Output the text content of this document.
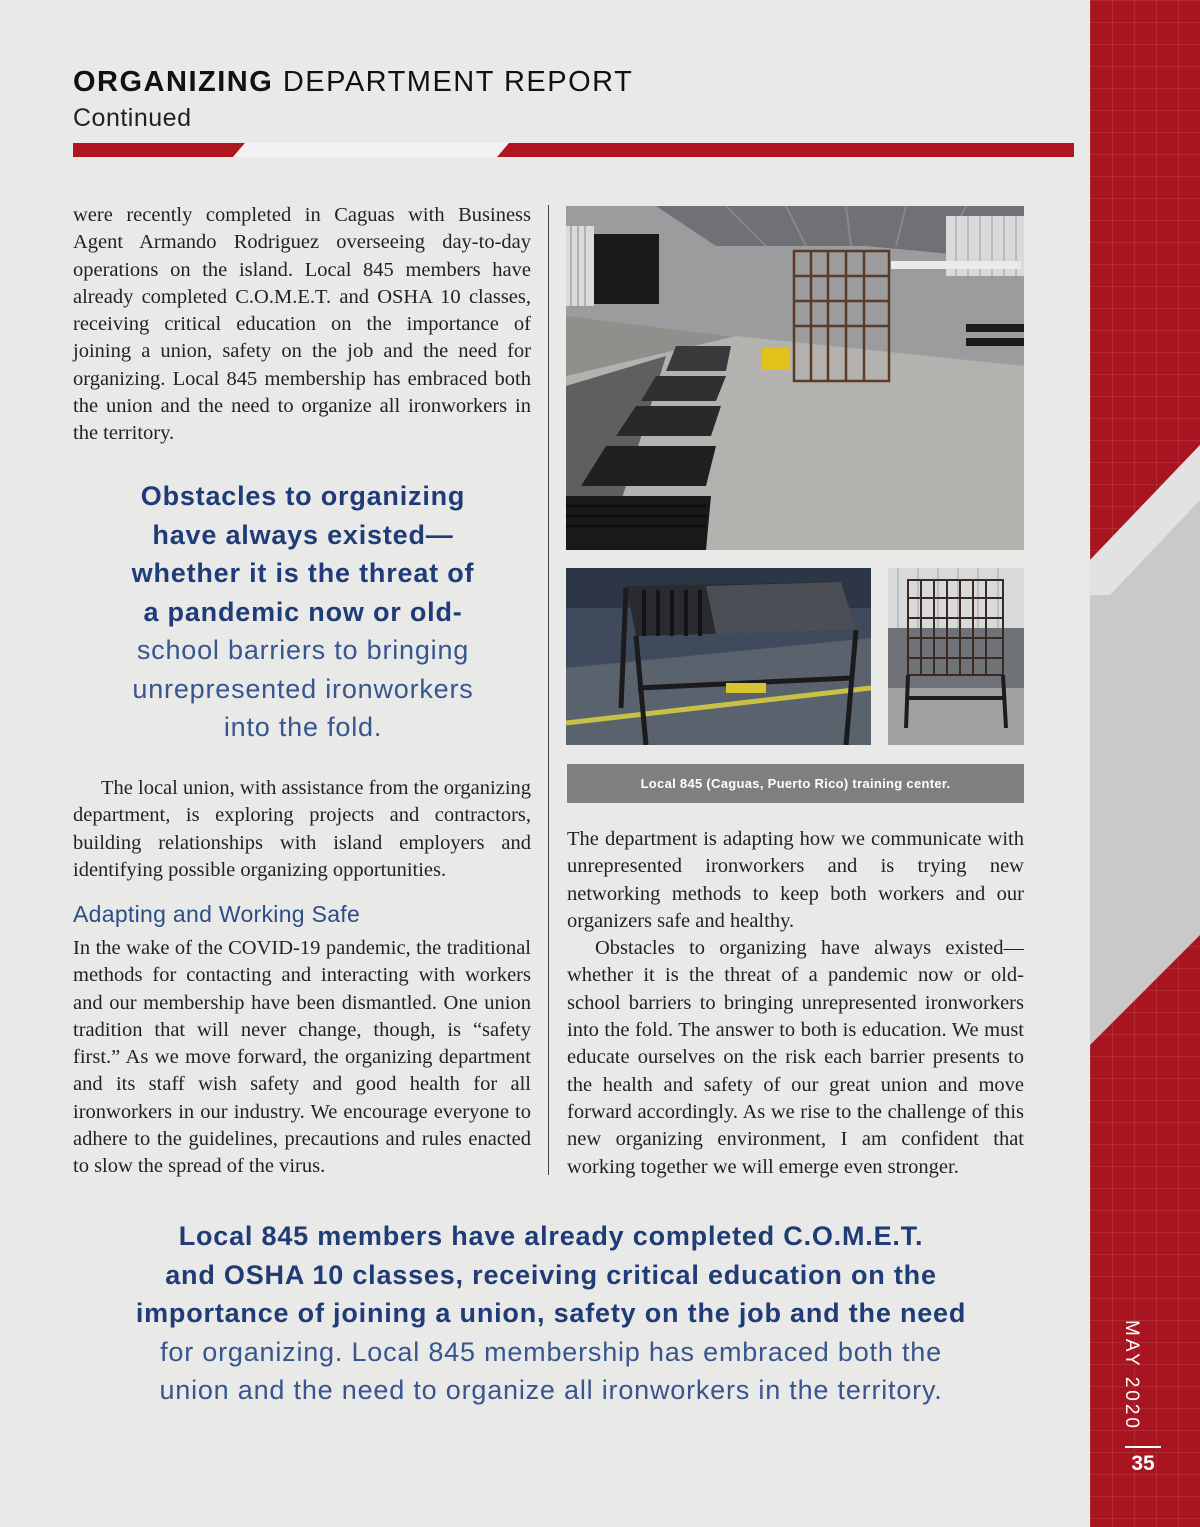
MAY 2020
35
ORGANIZING DEPARTMENT REPORT
Continued

were recently completed in Caguas with Business Agent Armando Rodriguez overseeing day-to-day operations on the island. Local 845 members have already completed C.O.M.E.T. and OSHA 10 classes, receiving critical education on the importance of joining a union, safety on the job and the need for organizing. Local 845 membership has embraced both the union and the need to organize all ironworkers in the territory.

Obstacles to organizing
have always existed—
whether it is the threat of
a pandemic now or old-
school barriers to bringing
unrepresented ironworkers
into the fold.

The local union, with assistance from the organizing department, is exploring projects and contractors, building relationships with island employers and identifying possible organizing opportunities.

Adapting and Working Safe

In the wake of the COVID-19 pandemic, the traditional methods for contacting and interacting with workers and our membership have been dismantled. One union tradition that will never change, though, is “safety first.” As we move forward, the organizing department and its staff wish safety and good health for all ironworkers in our industry. We encourage everyone to adhere to the guidelines, precautions and rules enacted to slow the spread of the virus.

Local 845 (Caguas, Puerto Rico) training center.

The department is adapting how we communicate with unrepresented ironworkers and is trying new networking methods to keep both workers and our organizers safe and healthy.

Obstacles to organizing have always existed—whether it is the threat of a pandemic now or old-school barriers to bringing unrepresented ironworkers into the fold. The answer to both is education. We must educate ourselves on the risk each barrier presents to the health and safety of our great union and move forward accordingly. As we rise to the challenge of this new organizing environment, I am confident that working together we will emerge even stronger.

Local 845 members have already completed C.O.M.E.T.
and OSHA 10 classes, receiving critical education on the
importance of joining a union, safety on the job and the need
for organizing. Local 845 membership has embraced both the
union and the need to organize all ironworkers in the territory.
